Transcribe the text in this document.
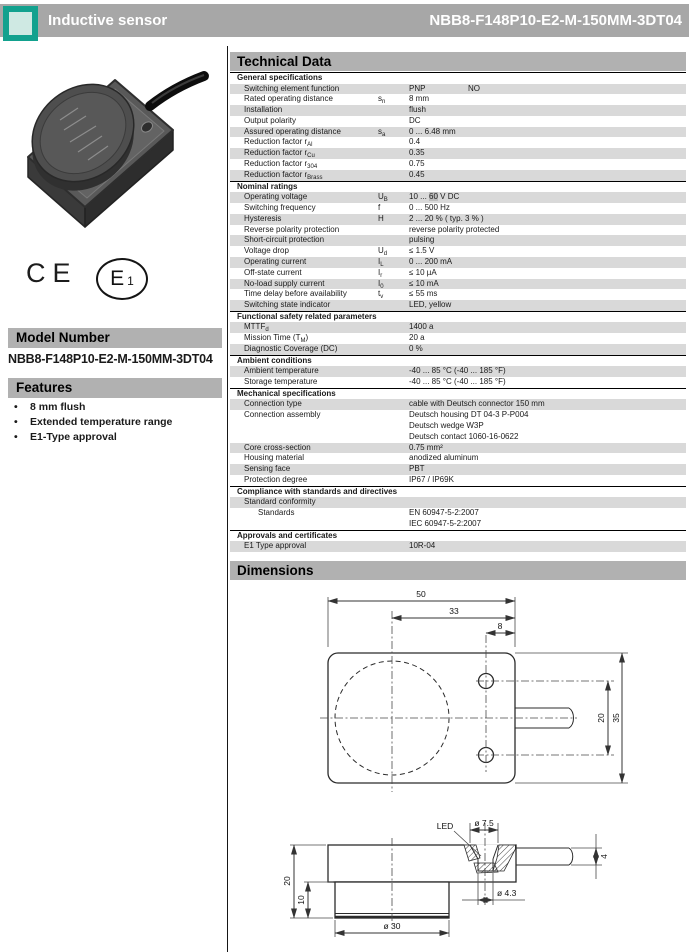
Inductive sensor	NBB8-F148P10-E2-M-150MM-3DT04
CE E 1
Model Number
NBB8-F148P10-E2-M-150MM-3DT04
Features
• 8 mm flush
• Extended temperature range
• E1-Type approval
Technical Data
General specifications
Switching element function	PNP	NO
Rated operating distance	$s_n$	8 mm
Installation	flush
Output polarity	DC
Assured operating distance	$s_a$	0 ... 6.48 mm
Reduction factor $r_{Al}$	0.4
Reduction factor $r_{Cu}$	0.35
Reduction factor $r_{304}$	0.75
Reduction factor $r_{Brass}$	0.45
Nominal ratings
Operating voltage	$U_B$	10 ... 60 V DC
Switching frequency	f	0 ... 500 Hz
Hysteresis	H	2 ... 20 % ( typ. 3 % )
Reverse polarity protection	reverse polarity protected
Short-circuit protection	pulsing
Voltage drop	$U_d$	≤ 1.5 V
Operating current	$I_L$	0 ... 200 mA
Off-state current	$I_r$	≤ 10 µA
No-load supply current	$I_0$	≤ 10 mA
Time delay before availability	$t_v$	≤ 55 ms
Switching state indicator	LED, yellow
Functional safety related parameters
$MTTF_d$	1400 a
Mission Time $(T_M)$	20 a
Diagnostic Coverage (DC)	0 %
Ambient conditions
Ambient temperature	-40 ... 85 °C (-40 ... 185 °F)
Storage temperature	-40 ... 85 °C (-40 ... 185 °F)
Mechanical specifications
Connection type	cable with Deutsch connector 150 mm
Connection assembly	Deutsch housing DT 04-3 P-P004
Deutsch wedge W3P
Deutsch contact 1060-16-0622
Core cross-section	0.75 mm²
Housing material	anodized aluminum
Sensing face	PBT
Protection degree	IP67 / IP69K
Compliance with standards and directives
Standard conformity
Standards	EN 60947-5-2:2007
IEC 60947-5-2:2007
Approvals and certificates
E1 Type approval	10R-04
Dimensions
50
33
8
20 35
LED ø 7.5
ø 4.3
4
20
10
ø 30
